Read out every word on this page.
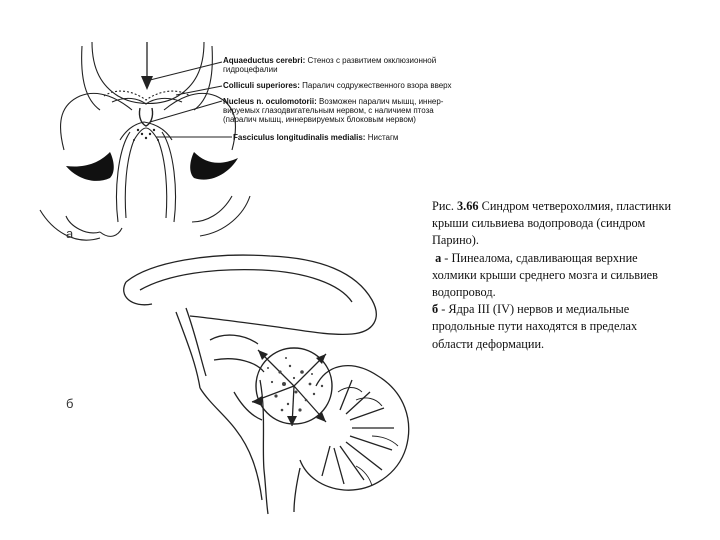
а
б
Aquaeductus cerebri: Стеноз с развитием окклюзионной
гидроцефалии
Colliculi superiores: Паралич содружественного взора вверх
Nucleus n. oculomotorii: Возможен паралич мышц, иннер-
вируемых глазодвигательным нервом, с наличием птоза
(паралич мышц, иннервируемых блоковым нервом)
Fasciculus longitudinalis medialis: Нистагм

Рис. 3.66 Синдром четверохолмия, пластинки крыши сильвиева водопровода (синдром Парино).

а - Пинеалома, сдавливающая верхние холмики крыши среднего мозга и сильвиев водопровод.

б - Ядра III (IV) нервов и медиальные продольные пути находятся в пределах области деформации.
